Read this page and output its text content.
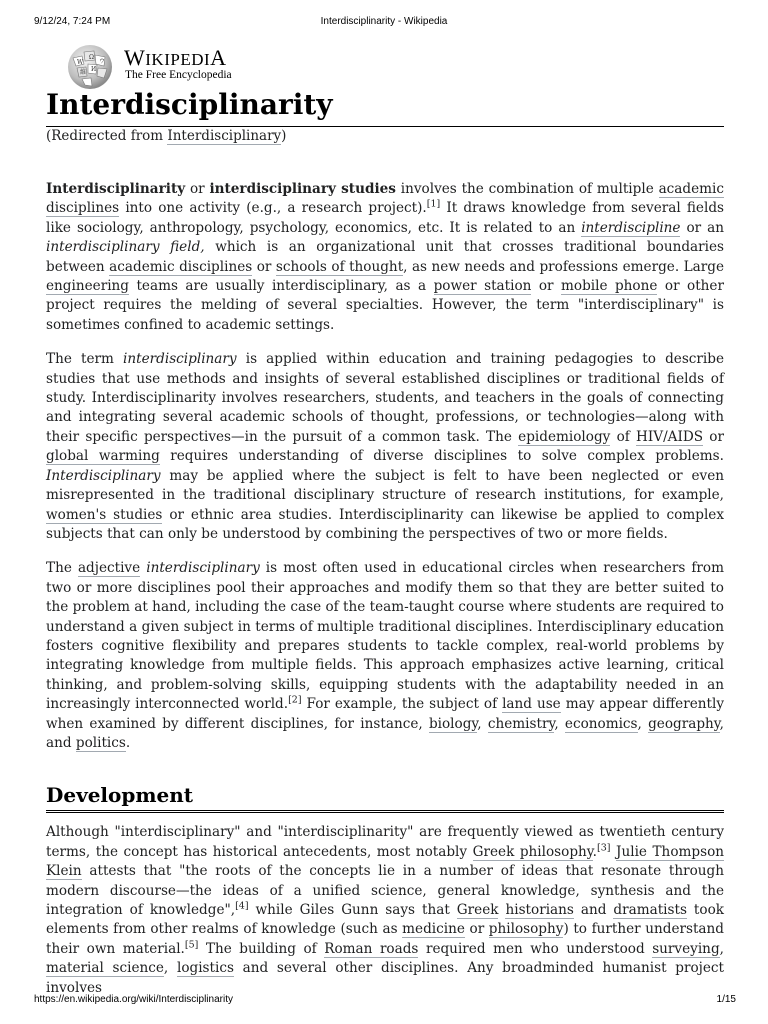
9/12/24, 7:24 PM	Interdisciplinarity - Wikipedia
W
Ω
И
維
ウ WIKIPEDIA
The Free Encyclopedia
Interdisciplinarity
(Redirected from Interdisciplinary)

Interdisciplinarity or interdisciplinary studies involves the combination of multiple academic disciplines into one activity (e.g., a research project).[1] It draws knowledge from several fields like sociology, anthropology, psychology, economics, etc. It is related to an interdiscipline or an interdisciplinary field, which is an organizational unit that crosses traditional boundaries between academic disciplines or schools of thought, as new needs and professions emerge. Large engineering teams are usually interdisciplinary, as a power station or mobile phone or other project requires the melding of several specialties. However, the term "interdisciplinary" is sometimes confined to academic settings.

The term interdisciplinary is applied within education and training pedagogies to describe studies that use methods and insights of several established disciplines or traditional fields of study. Interdisciplinarity involves researchers, students, and teachers in the goals of connecting and integrating several academic schools of thought, professions, or technologies—along with their specific perspectives—in the pursuit of a common task. The epidemiology of HIV/AIDS or global warming requires understanding of diverse disciplines to solve complex problems. Interdisciplinary may be applied where the subject is felt to have been neglected or even misrepresented in the traditional disciplinary structure of research institutions, for example, women's studies or ethnic area studies. Interdisciplinarity can likewise be applied to complex subjects that can only be understood by combining the perspectives of two or more fields.

The adjective interdisciplinary is most often used in educational circles when researchers from two or more disciplines pool their approaches and modify them so that they are better suited to the problem at hand, including the case of the team-taught course where students are required to understand a given subject in terms of multiple traditional disciplines. Interdisciplinary education fosters cognitive flexibility and prepares students to tackle complex, real-world problems by integrating knowledge from multiple fields. This approach emphasizes active learning, critical thinking, and problem-solving skills, equipping students with the adaptability needed in an increasingly interconnected world.[2] For example, the subject of land use may appear differently when examined by different disciplines, for instance, biology, chemistry, economics, geography, and politics.

Development

Although "interdisciplinary" and "interdisciplinarity" are frequently viewed as twentieth century terms, the concept has historical antecedents, most notably Greek philosophy.[3] Julie Thompson Klein attests that "the roots of the concepts lie in a number of ideas that resonate through modern discourse—the ideas of a unified science, general knowledge, synthesis and the integration of knowledge",[4] while Giles Gunn says that Greek historians and dramatists took elements from other realms of knowledge (such as medicine or philosophy) to further understand their own material.[5] The building of Roman roads required men who understood surveying, material science, logistics and several other disciplines. Any broadminded humanist project involves

https://en.wikipedia.org/wiki/Interdisciplinarity	1/15
